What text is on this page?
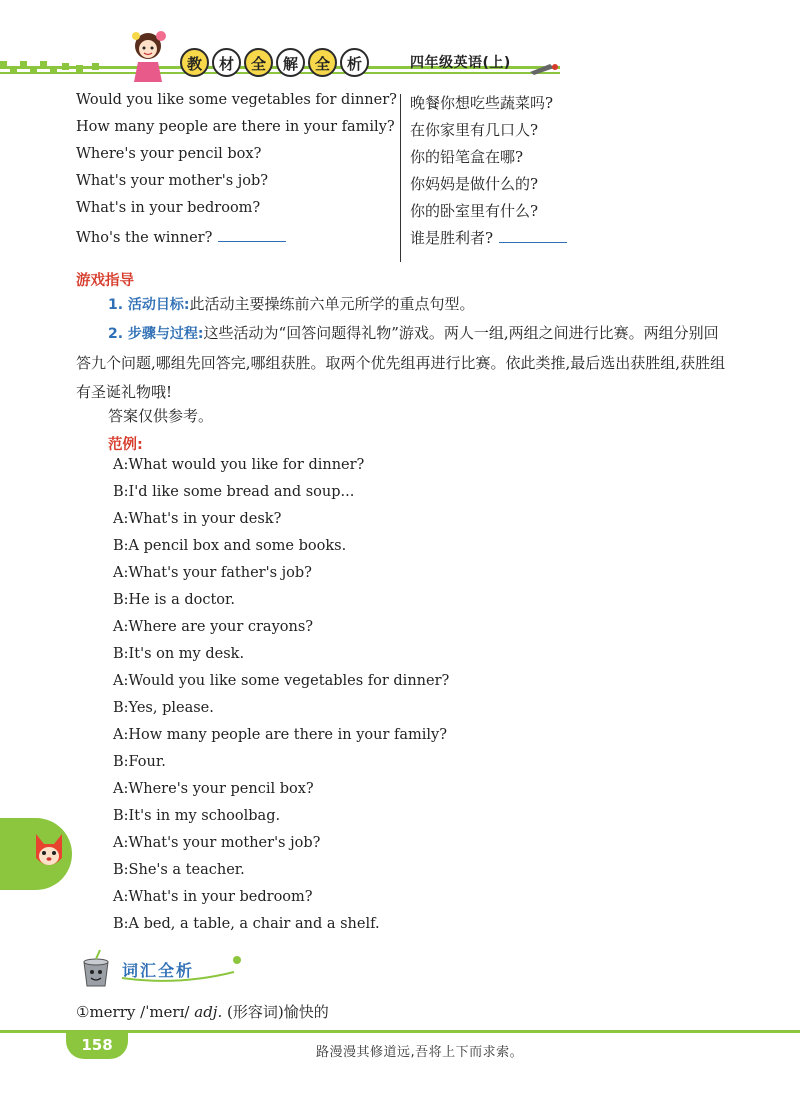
教	材	全	解	全	析	四年级英语(上)
Would you like some vegetables for dinner? 晚餐你想吃些蔬菜吗?
How many people are there in your family? 在你家里有几口人?
Where's your pencil box?	你的铅笔盒在哪?
What's your mother's job?	你妈妈是做什么的?
What's in your bedroom?	你的卧室里有什么?
Who's the winner?	谁是胜利者?
游戏指导
1. 活动目标:此活动主要操练前六单元所学的重点句型。
2. 步骤与过程:这些活动为“回答问题得礼物”游戏。两人一组,两组之间进行比赛。两组分别回答九个问题,哪组先回答完,哪组获胜。取两个优先组再进行比赛。依此类推,最后选出获胜组,获胜组有圣诞礼物哦!
答案仅供参考。
范例:
A:What would you like for dinner?
B:I'd like some bread and soup...
A:What's in your desk?
B:A pencil box and some books.
A:What's your father's job?
B:He is a doctor.
A:Where are your crayons?
B:It's on my desk.
A:Would you like some vegetables for dinner?
B:Yes, please.
A:How many people are there in your family?
B:Four.
A:Where's your pencil box?
B:It's in my schoolbag.
A:What's your mother's job?
B:She's a teacher.
A:What's in your bedroom?
B:A bed, a table, a chair and a shelf.
词汇全析
①merry /ˈmerɪ/ adj. (形容词)愉快的
158	路漫漫其修道远,吾将上下而求索。
